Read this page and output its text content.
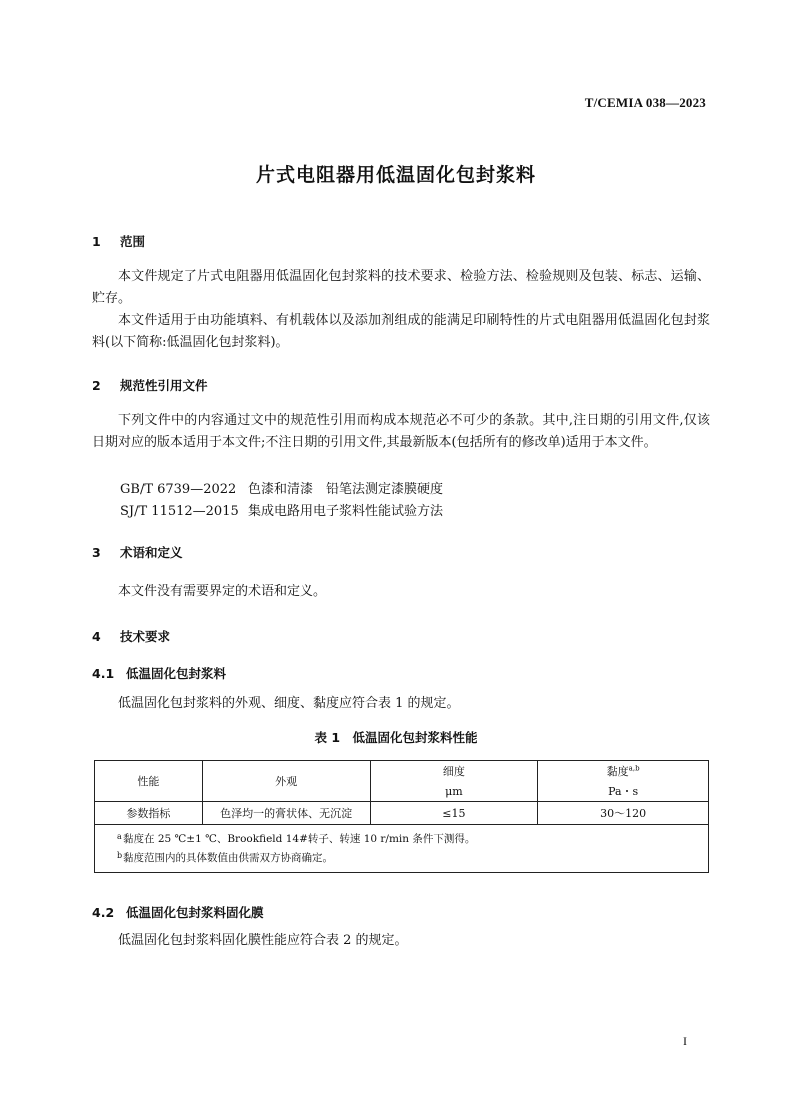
T/CEMIA 038—2023
片式电阻器用低温固化包封浆料
1 范围

本文件规定了片式电阻器用低温固化包封浆料的技术要求、检验方法、检验规则及包装、标志、运输、贮存。

本文件适用于由功能填料、有机载体以及添加剂组成的能满足印刷特性的片式电阻器用低温固化包封浆料(以下简称:低温固化包封浆料)。

2 规范性引用文件

下列文件中的内容通过文中的规范性引用而构成本规范必不可少的条款。其中,注日期的引用文件,仅该日期对应的版本适用于本文件;不注日期的引用文件,其最新版本(包括所有的修改单)适用于本文件。

GB/T 6739—2022 色漆和清漆　铅笔法测定漆膜硬度
SJ/T 11512—2015 集成电路用电子浆料性能试验方法
3 术语和定义

本文件没有需要界定的术语和定义。

4 技术要求
4.1 低温固化包封浆料

低温固化包封浆料的外观、细度、黏度应符合表 1 的规定。

表 1　低温固化包封浆料性能
性能	外观	细度	黏度$^{a,b}$
		μm	Pa・s
参数指标	色泽均一的膏状体、无沉淀	≤15	30～120

a 黏度在 25 ℃±1 ℃、Brookfield 14#转子、转速 10 r/min 条件下测得。
b 黏度范围内的具体数值由供需双方协商确定。			
4.2 低温固化包封浆料固化膜

低温固化包封浆料固化膜性能应符合表 2 的规定。

I
